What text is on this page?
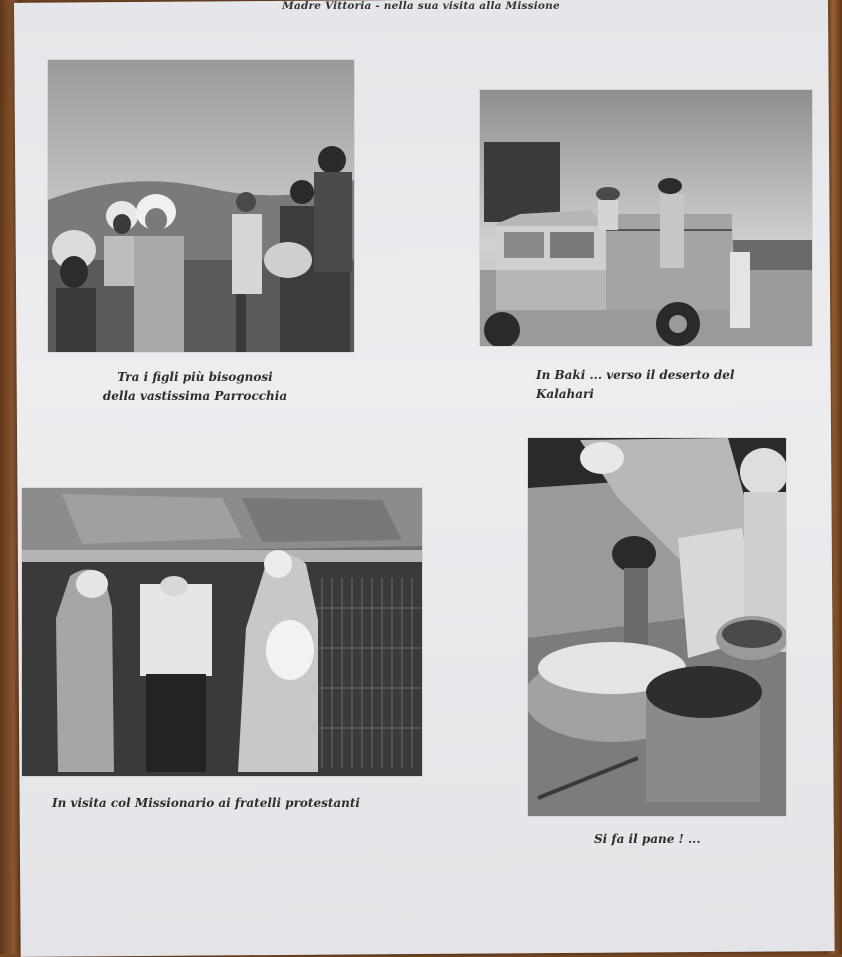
Madre Vittoria - nella sua visita alla Missione
Tra i figli più bisognosi
della vastissima Parrocchia
In Baki ... verso il deserto del Kalahari
In visita col Missionario ai fratelli protestanti
Si fa il pane ! ...
